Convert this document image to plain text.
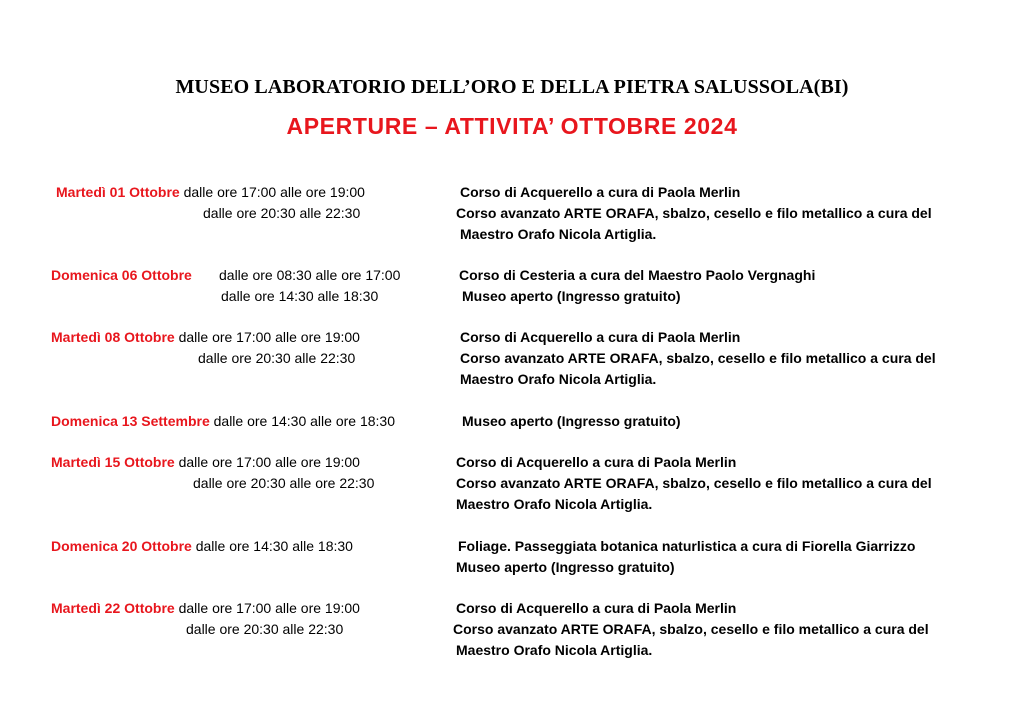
MUSEO LABORATORIO DELL’ORO E DELLA PIETRA SALUSSOLA(BI)
APERTURE – ATTIVITA’ OTTOBRE 2024
Martedì 01 Ottobre dalle ore 17:00 alle ore 19:00	Corso di Acquerello a cura di Paola Merlin
dalle ore 20:30 alle 22:30	Corso avanzato ARTE ORAFA, sbalzo, cesello e filo metallico a cura del
Maestro Orafo Nicola Artiglia.
Domenica 06 Ottobre dalle ore 08:30 alle ore 17:00	Corso di Cesteria a cura del Maestro Paolo Vergnaghi
dalle ore 14:30 alle 18:30	Museo aperto (Ingresso gratuito)
Martedì 08 Ottobre dalle ore 17:00 alle ore 19:00	Corso di Acquerello a cura di Paola Merlin
dalle ore 20:30 alle 22:30	Corso avanzato ARTE ORAFA, sbalzo, cesello e filo metallico a cura del
Maestro Orafo Nicola Artiglia.
Domenica 13 Settembre dalle ore 14:30 alle ore 18:30	Museo aperto (Ingresso gratuito)
Martedì 15 Ottobre dalle ore 17:00 alle ore 19:00	Corso di Acquerello a cura di Paola Merlin
dalle ore 20:30 alle ore 22:30	Corso avanzato ARTE ORAFA, sbalzo, cesello e filo metallico a cura del
Maestro Orafo Nicola Artiglia.
Domenica 20 Ottobre dalle ore 14:30 alle 18:30	Foliage. Passeggiata botanica naturlistica a cura di Fiorella Giarrizzo
Museo aperto (Ingresso gratuito)
Martedì 22 Ottobre dalle ore 17:00 alle ore 19:00	Corso di Acquerello a cura di Paola Merlin
dalle ore 20:30 alle 22:30	Corso avanzato ARTE ORAFA, sbalzo, cesello e filo metallico a cura del
Maestro Orafo Nicola Artiglia.
